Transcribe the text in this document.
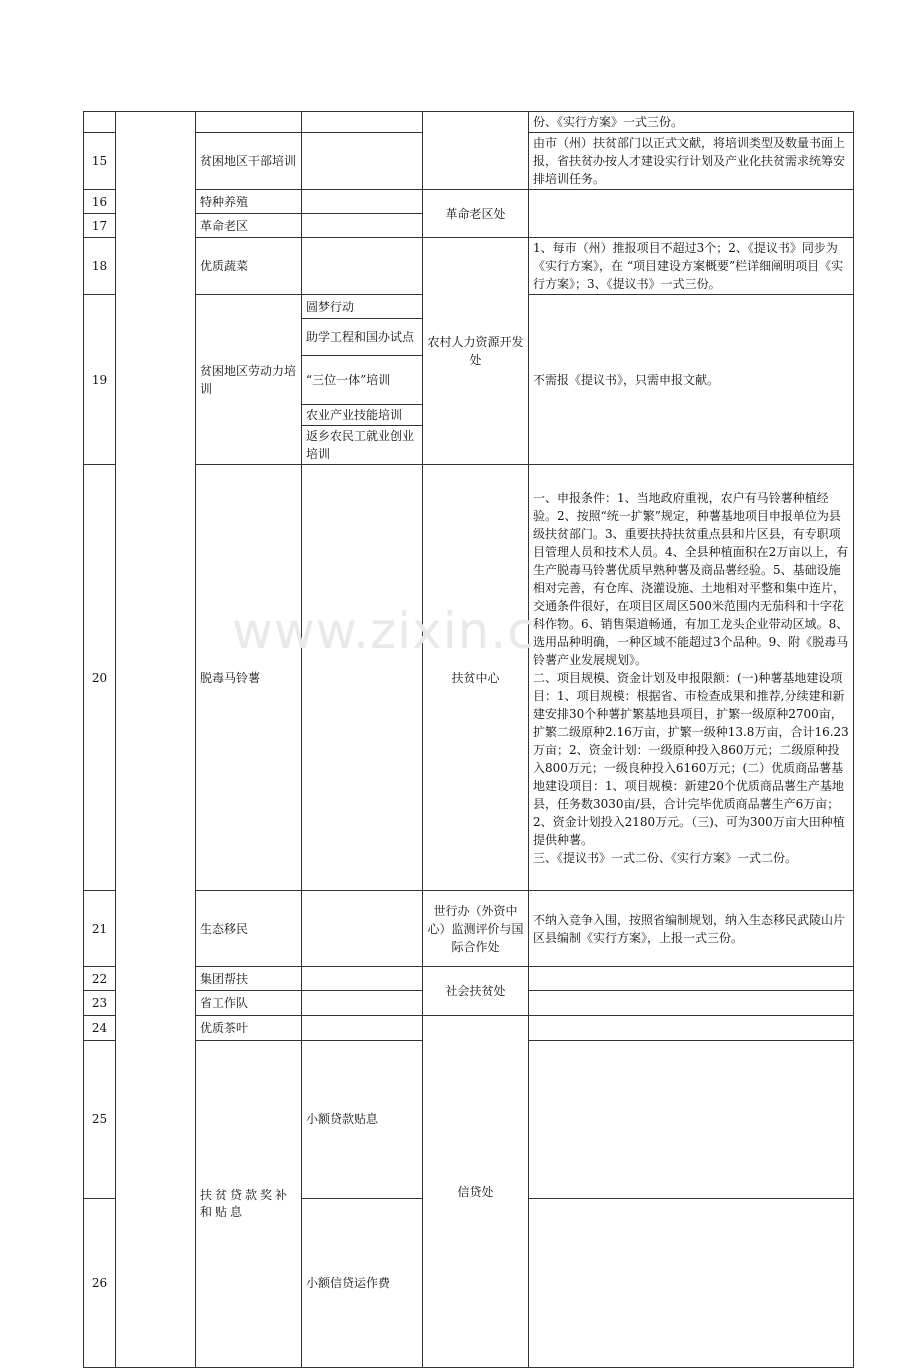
www.zixin.c
					份、《实行方案》一式三份。	
15		贫困地区干部培训			由市（州）扶贫部门以正式文献，将培训类型及数量书面上报，省扶贫办按人才建设实行计划及产业化扶贫需求统筹安排培训任务。	
16		特种养殖		革命老区处		
17		革命老区				
18		优质蔬菜		农村人力资源开发处	1、每市（州）推报项目不超过3个；2、《提议书》同步为《实行方案》，在 “项目建设方案概要”栏详细阐明项目《实行方案》；3、《提议书》一式三份。	
19		贫困地区劳动力培训	圆梦行动		不需报《提议书》，只需申报文献。	
			助学工程和国办试点			
			“三位一体”培训			
			农业产业技能培训			
			返乡农民工就业创业培训			
20		脱毒马铃薯		扶贫中心	一、申报条件：1、当地政府重视，农户有马铃薯种植经验。2、按照“统一扩繁”规定，种薯基地项目申报单位为县级扶贫部门。3、重要扶持扶贫重点县和片区县，有专职项目管理人员和技术人员。4、全县种植面积在2万亩以上，有生产脱毒马铃薯优质早熟种薯及商品薯经验。5、基础设施相对完善，有仓库、浇灌设施、土地相对平整和集中连片，交通条件很好，在项目区周区500米范围内无茄科和十字花科作物。6、销售渠道畅通，有加工龙头企业带动区域。8、选用品种明确，一种区域不能超过3个品种。9、附《脱毒马铃薯产业发展规划》。
二、项目规模、资金计划及申报限额：(一)种薯基地建设项目：1、项目规模：根据省、市检查成果和推荐,分续建和新建安排30个种薯扩繁基地县项目，扩繁一级原种2700亩，扩繁二级原种2.16万亩，扩繁一级种13.8万亩，合计16.23万亩；2、资金计划：一级原种投入860万元；二级原种投入800万元；一级良种投入6160万元；(二）优质商品薯基地建设项目：1、项目规模：新建20个优质商品薯生产基地县，任务数3030亩/县，合计完毕优质商品薯生产6万亩； 2、资金计划投入2180万元。（三)、可为300万亩大田种植提供种薯。
三、《提议书》一式二份、《实行方案》一式二份。	
21		生态移民		世行办（外资中心）监测评价与国际合作处	不纳入竞争入围，按照省编制规划，纳入生态移民武陵山片区县编制《实行方案》，上报一式三份。	
22		集团帮扶		社会扶贫处		
23		省工作队				
24		优质茶叶		信贷处		
25		扶贫贷款奖补和贴息	小额贷款贴息		
26			小额信贷运作费			
